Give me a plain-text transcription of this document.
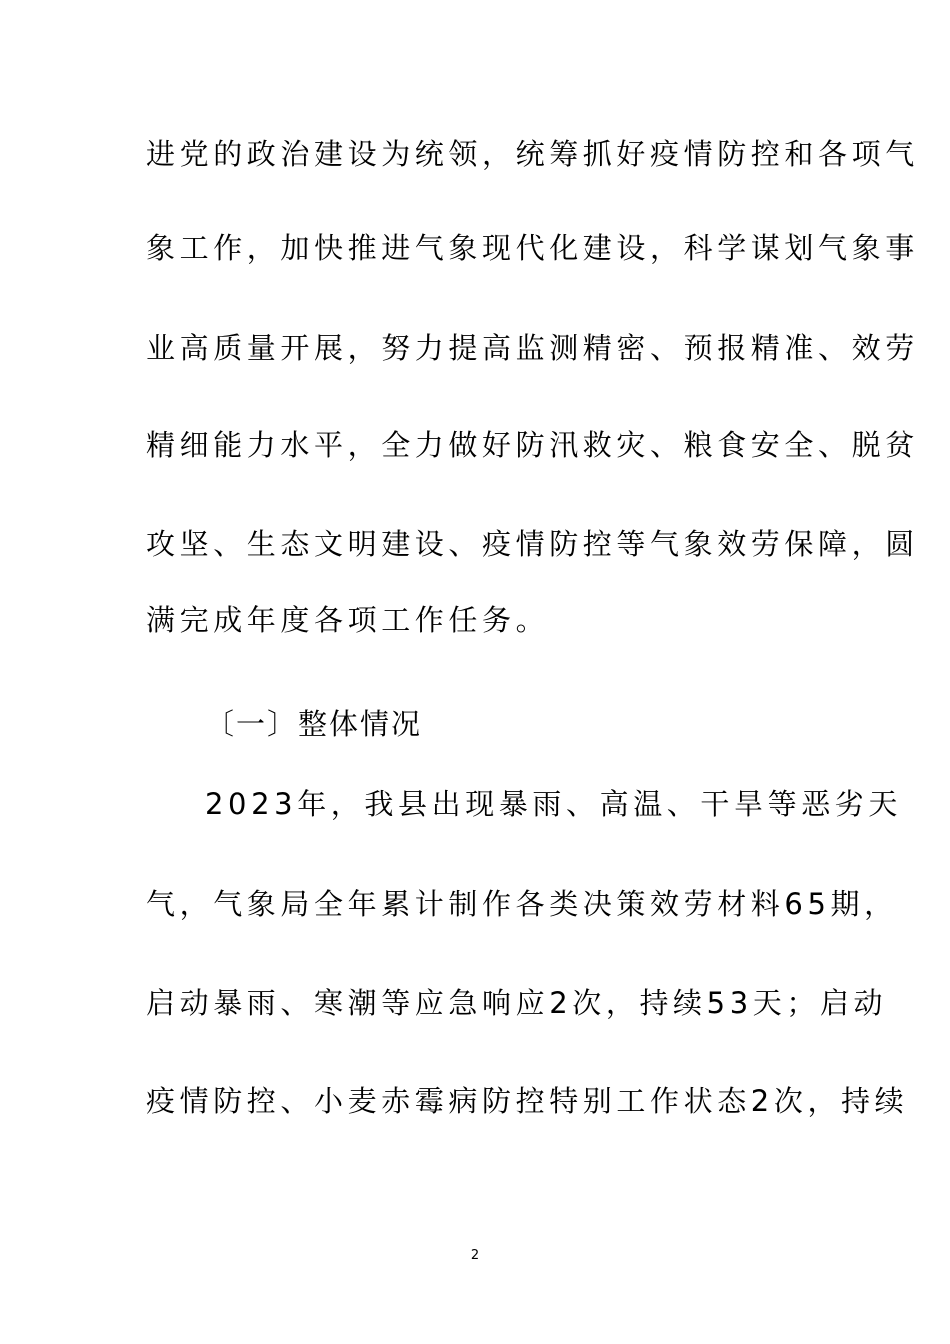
进党的政治建设为统领，统筹抓好疫情防控和各项气
象工作，加快推进气象现代化建设，科学谋划气象事
业高质量开展，努力提高监测精密、预报精准、效劳
精细能力水平，全力做好防汛救灾、粮食安全、脱贫
攻坚、生态文明建设、疫情防控等气象效劳保障，圆
满完成年度各项工作任务。
〔一〕整体情况
2023年，我县出现暴雨、高温、干旱等恶劣天
气，气象局全年累计制作各类决策效劳材料65期，
启动暴雨、寒潮等应急响应2次，持续53天；启动
疫情防控、小麦赤霉病防控特别工作状态2次，持续
2
